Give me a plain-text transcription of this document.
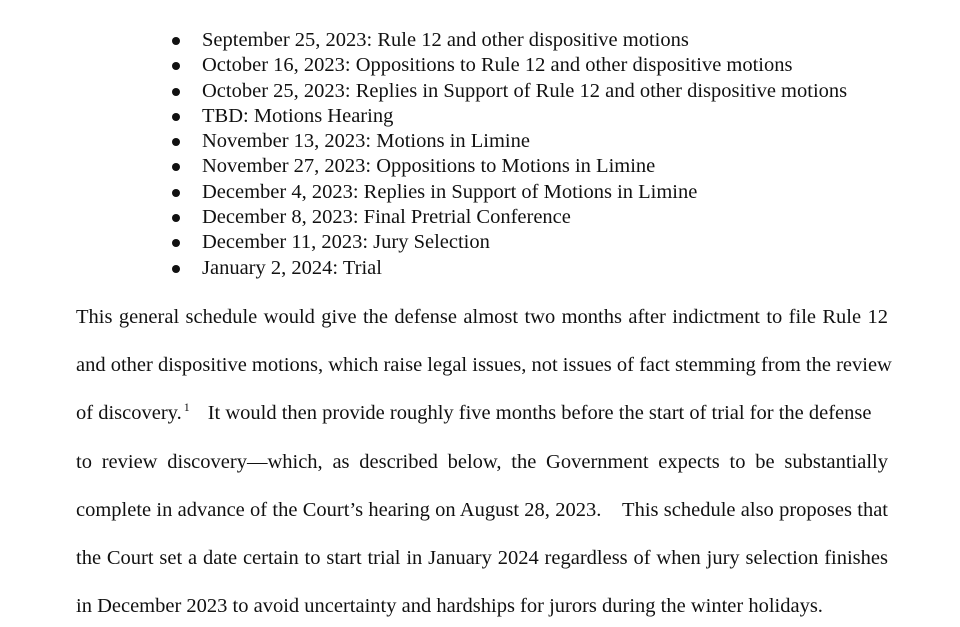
September 25, 2023: Rule 12 and other dispositive motions
October 16, 2023: Oppositions to Rule 12 and other dispositive motions
October 25, 2023: Replies in Support of Rule 12 and other dispositive motions
TBD: Motions Hearing
November 13, 2023: Motions in Limine
November 27, 2023: Oppositions to Motions in Limine
December 4, 2023: Replies in Support of Motions in Limine
December 8, 2023: Final Pretrial Conference
December 11, 2023: Jury Selection
January 2, 2024: Trial
This general schedule would give the defense almost two months after indictment to file Rule 12
and other dispositive motions, which raise legal issues, not issues of fact stemming from the review
of discovery. $^1$ It would then provide roughly five months before the start of trial for the defense
to review discovery—which, as described below, the Government expects to be substantially
complete in advance of the Court’s hearing on August 28, 2023.    This schedule also proposes that
the Court set a date certain to start trial in January 2024 regardless of when jury selection finishes
in December 2023 to avoid uncertainty and hardships for jurors during the winter holidays.
